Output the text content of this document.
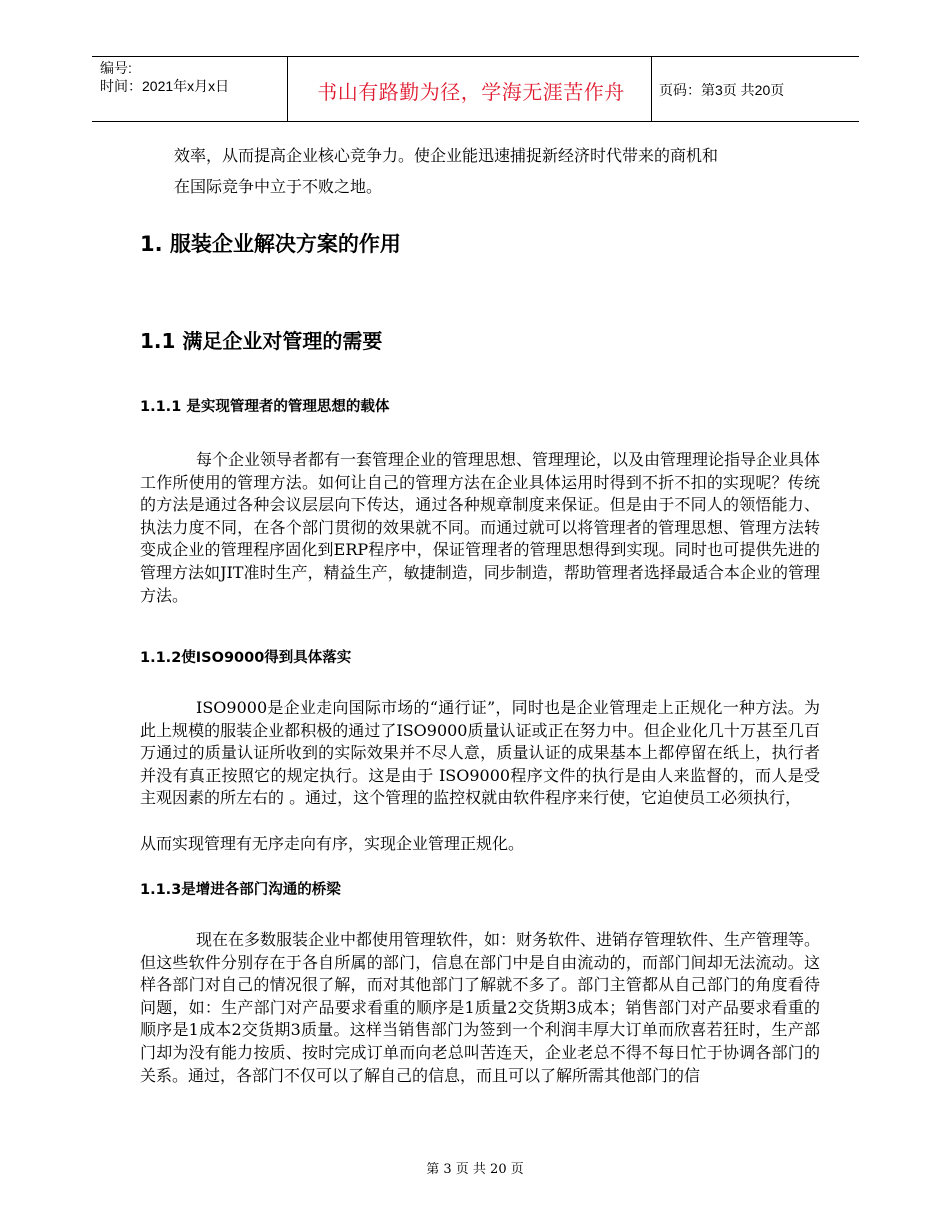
编号:
时间：2021年x月x日	书山有路勤为径，学海无涯苦作舟	页码：第3页 共20页

效率，从而提高企业核心竞争力。使企业能迅速捕捉新经济时代带来的商机和

在国际竞争中立于不败之地。

1. 服装企业解决方案的作用
1.1 满足企业对管理的需要
1.1.1 是实现管理者的管理思想的载体

每个企业领导者都有一套管理企业的管理思想、管理理论，以及由管理理论指导企业具体工作所使用的管理方法。如何让自己的管理方法在企业具体运用时得到不折不扣的实现呢？传统的方法是通过各种会议层层向下传达，通过各种规章制度来保证。但是由于不同人的领悟能力、执法力度不同，在各个部门贯彻的效果就不同。而通过就可以将管理者的管理思想、管理方法转变成企业的管理程序固化到ERP程序中，保证管理者的管理思想得到实现。同时也可提供先进的管理方法如JIT准时生产，精益生产，敏捷制造，同步制造，帮助管理者选择最适合本企业的管理方法。

1.1.2使ISO9000得到具体落实

ISO9000是企业走向国际市场的“通行证”，同时也是企业管理走上正规化一种方法。为此上规模的服装企业都积极的通过了ISO9000质量认证或正在努力中。但企业化几十万甚至几百万通过的质量认证所收到的实际效果并不尽人意，质量认证的成果基本上都停留在纸上，执行者并没有真正按照它的规定执行。这是由于 ISO9000程序文件的执行是由人来监督的，而人是受主观因素的所左右的 。通过，这个管理的监控权就由软件程序来行使，它迫使员工必须执行，

从而实现管理有无序走向有序，实现企业管理正规化。

1.1.3是增进各部门沟通的桥梁

现在在多数服装企业中都使用管理软件，如：财务软件、进销存管理软件、生产管理等。但这些软件分别存在于各自所属的部门，信息在部门中是自由流动的，而部门间却无法流动。这样各部门对自己的情况很了解，而对其他部门了解就不多了。部门主管都从自己部门的角度看待问题，如：生产部门对产品要求看重的顺序是1质量2交货期3成本；销售部门对产品要求看重的顺序是1成本2交货期3质量。这样当销售部门为签到一个利润丰厚大订单而欣喜若狂时，生产部门却为没有能力按质、按时完成订单而向老总叫苦连天，企业老总不得不每日忙于协调各部门的关系。通过，各部门不仅可以了解自己的信息，而且可以了解所需其他部门的信

第 3 页 共 20 页
